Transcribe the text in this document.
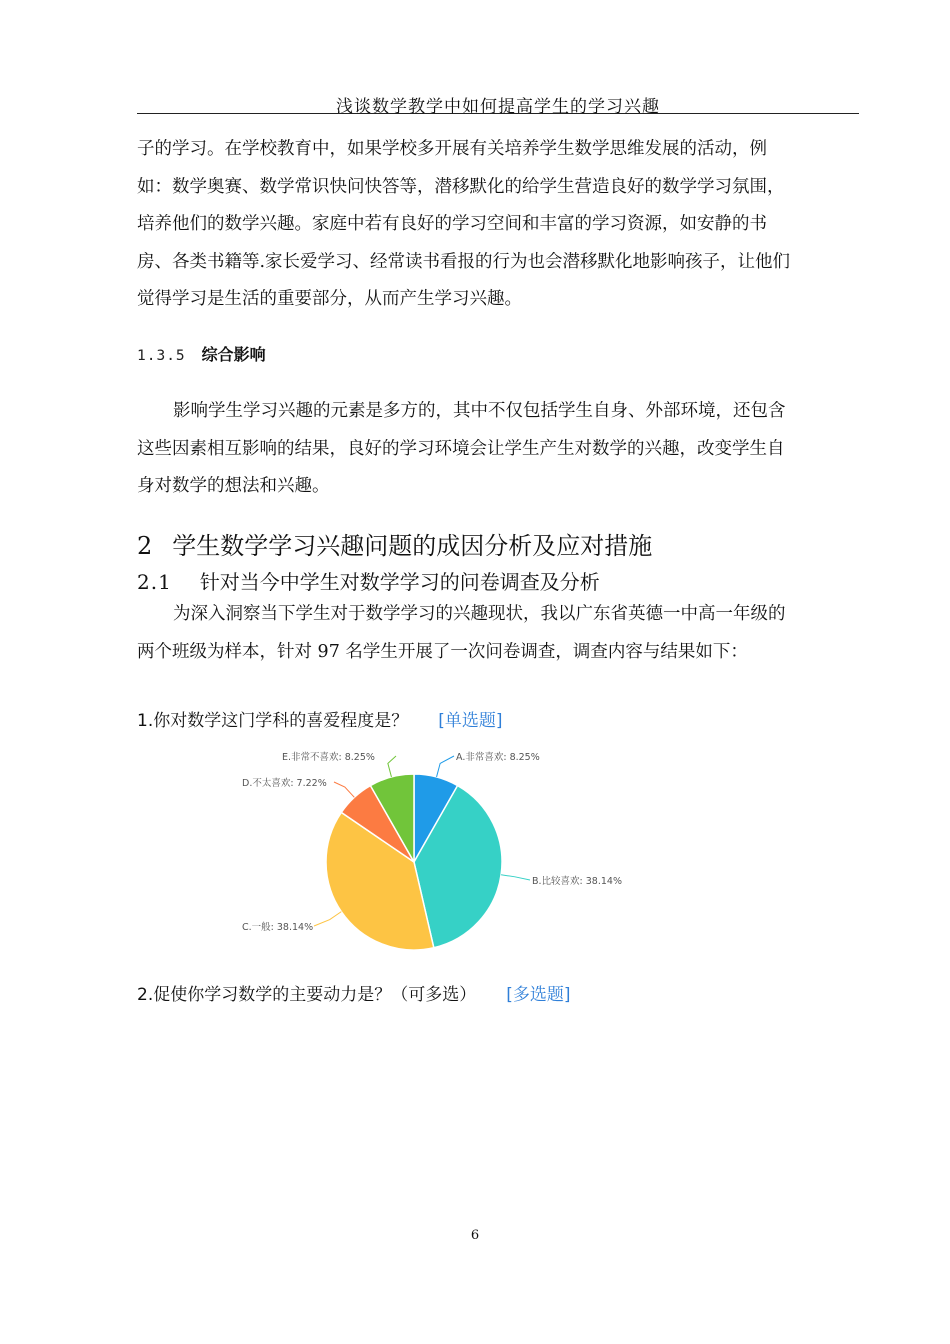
浅谈数学教学中如何提高学生的学习兴趣

子的学习。在学校教育中，如果学校多开展有关培养学生数学思维发展的活动，例
如：数学奥赛、数学常识快问快答等，潜移默化的给学生营造良好的数学学习氛围，
培养他们的数学兴趣。家庭中若有良好的学习空间和丰富的学习资源，如安静的书
房、各类书籍等.家长爱学习、经常读书看报的行为也会潜移默化地影响孩子，让他们
觉得学习是生活的重要部分，从而产生学习兴趣。

1.3.5 综合影响

影响学生学习兴趣的元素是多方的，其中不仅包括学生自身、外部环境，还包含
这些因素相互影响的结果，良好的学习环境会让学生产生对数学的兴趣，改变学生自
身对数学的想法和兴趣。

2 学生数学学习兴趣问题的成因分析及应对措施
2.1 针对当今中学生对数学学习的问卷调查及分析

为深入洞察当下学生对于数学学习的兴趣现状，我以广东省英德一中高一年级的
两个班级为样本，针对 97 名学生开展了一次问卷调查，调查内容与结果如下：

1.你对数学这门学科的喜爱程度是？ [单选题]
A.非常喜欢: 8.25%
B.比较喜欢: 38.14%
C.一般: 38.14%
D.不太喜欢: 7.22%
E.非常不喜欢: 8.25%
2.促使你学习数学的主要动力是？（可多选） [多选题]
6
